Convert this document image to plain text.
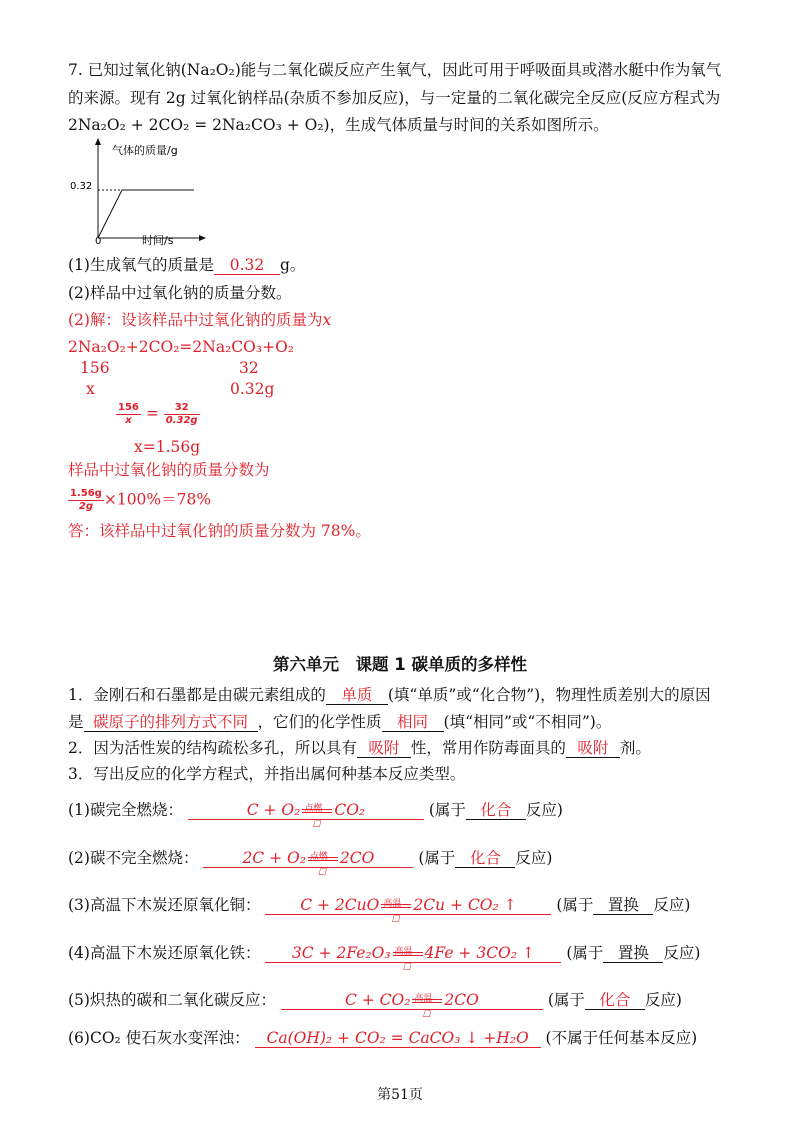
7. 已知过氧化钠(Na₂O₂)能与二氧化碳反应产生氧气，因此可用于呼吸面具或潜水艇中作为氧气
的来源。现有 2g 过氧化钠样品(杂质不参加反应)，与一定量的二氧化碳完全反应(反应方程式为
2Na₂O₂ + 2CO₂ = 2Na₂CO₃ + O₂)，生成气体质量与时间的关系如图所示。
气体的质量/g
时间/s
0
0.32
(1)生成氧气的质量是 0.32 g。
(2)样品中过氧化钠的质量分数。
(2)解：设该样品中过氧化钠的质量为x
2Na₂O₂+2CO₂=2Na₂CO₃+O₂
156	32
x	0.32g
$\frac{156}{x} = \frac{32}{0.32g}$
x=1.56g
样品中过氧化钠的质量分数为
$\frac{1.56g}{2g} \times 100\%=78\%$
答：该样品中过氧化钠的质量分数为 78%。
第六单元　课题 1 碳单质的多样性
1．金刚石和石墨都是由碳元素组成的 单质 (填“单质”或“化合物”)，物理性质差别大的原因
是 碳原子的排列方式不同 ，它们的化学性质 相同 (填“相同”或“不相同”)。
2．因为活性炭的结构疏松多孔，所以具有 吸附 性，常用作防毒面具的 吸附 剂。
3．写出反应的化学方程式，并指出属何种基本反应类型。
(1)碳完全燃烧：	C + O₂ 点燃
☐
CO₂	(属于 化合 反应)
(2)碳不完全燃烧：	2C + O₂ 点燃
☐
2CO	(属于 化合 反应)
(3)高温下木炭还原氧化铜：	C + 2CuO 高温
☐
2Cu + CO₂ ↑	(属于 置换 反应)
(4)高温下木炭还原氧化铁： 3C + 2Fe₂O₃ 高温
☐
4Fe + 3CO₂ ↑ (属于 置换 反应)
(5)炽热的碳和二氧化碳反应：	C + CO₂ 高温
☐
2CO	(属于 化合 反应)
(6)CO₂ 使石灰水变浑浊： Ca(OH)₂ + CO₂ = CaCO₃ ↓ +H₂O (不属于任何基本反应)
第51页
